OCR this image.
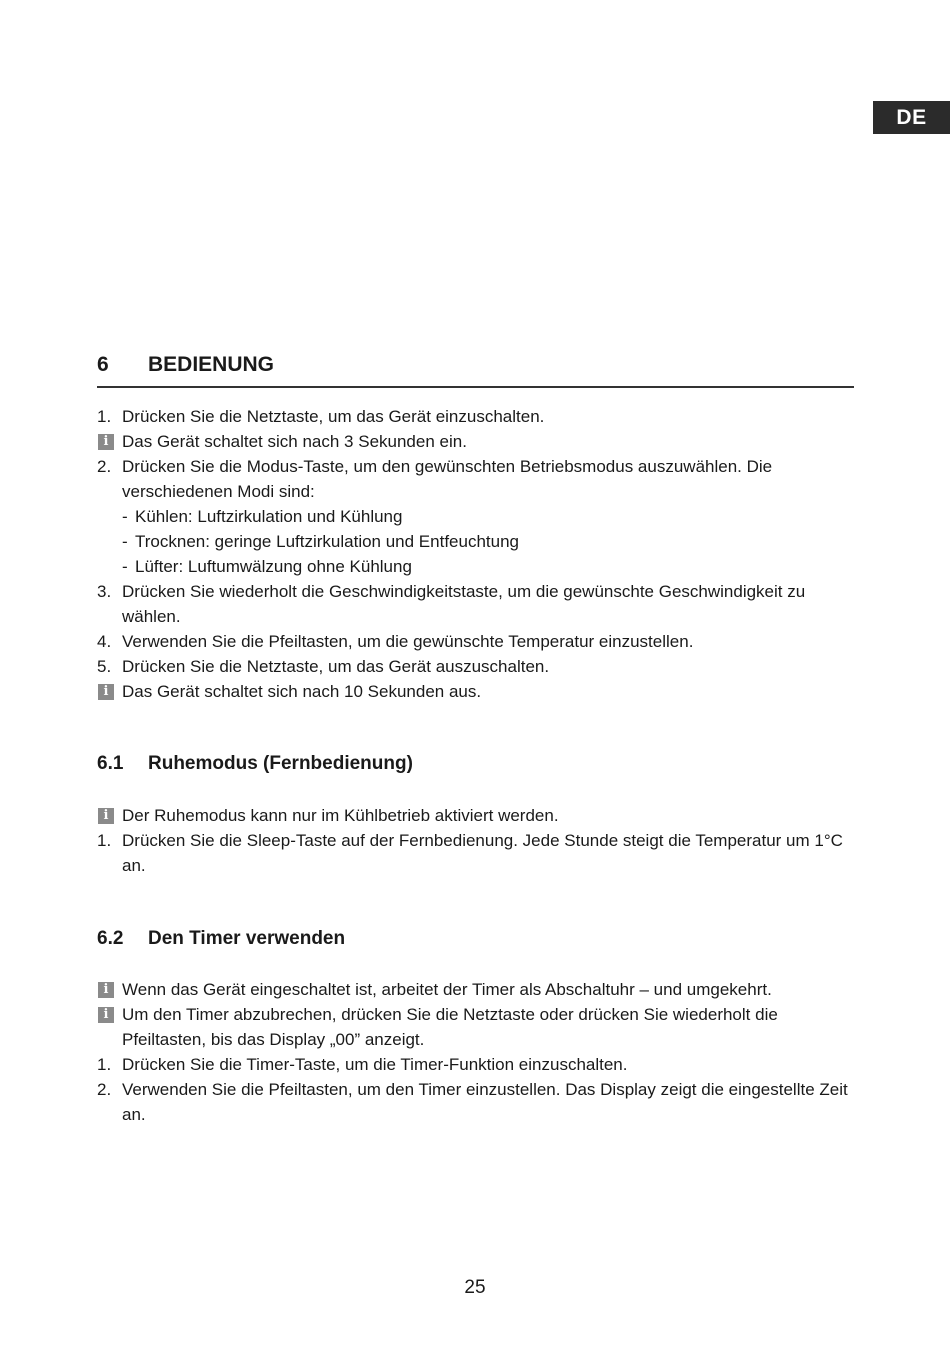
DE
6 BEDIENUNG
1. Drücken Sie die Netztaste, um das Gerät einzuschalten.
i Das Gerät schaltet sich nach 3 Sekunden ein.
2. Drücken Sie die Modus-Taste, um den gewünschten Betriebsmodus auszuwählen. Die verschiedenen Modi sind:
- Kühlen: Luftzirkulation und Kühlung
- Trocknen: geringe Luftzirkulation und Entfeuchtung
- Lüfter: Luftumwälzung ohne Kühlung
3. Drücken Sie wiederholt die Geschwindigkeitstaste, um die gewünschte Geschwindigkeit zu wählen.
4. Verwenden Sie die Pfeiltasten, um die gewünschte Temperatur einzustellen.
5. Drücken Sie die Netztaste, um das Gerät auszuschalten.
i Das Gerät schaltet sich nach 10 Sekunden aus.
6.1 Ruhemodus (Fernbedienung)
i Der Ruhemodus kann nur im Kühlbetrieb aktiviert werden.
1. Drücken Sie die Sleep-Taste auf der Fernbedienung. Jede Stunde steigt die Temperatur um 1°C an.
6.2 Den Timer verwenden
i Wenn das Gerät eingeschaltet ist, arbeitet der Timer als Abschaltuhr – und umgekehrt.
i Um den Timer abzubrechen, drücken Sie die Netztaste oder drücken Sie wiederholt die Pfeiltasten, bis das Display „00” anzeigt.
1. Drücken Sie die Timer-Taste, um die Timer-Funktion einzuschalten.
2. Verwenden Sie die Pfeiltasten, um den Timer einzustellen. Das Display zeigt die eingestellte Zeit an.
25
